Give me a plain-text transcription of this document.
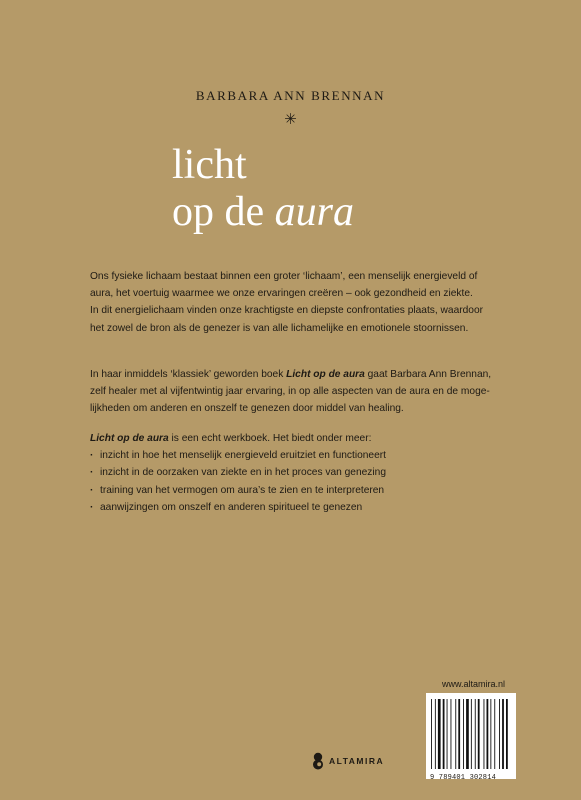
BARBARA ANN BRENNAN
✳
licht
op de aura
Ons fysieke lichaam bestaat binnen een groter ‘lichaam’, een menselijk energieveld of
aura, het voertuig waarmee we onze ervaringen creëren – ook gezondheid en ziekte.
In dit energielichaam vinden onze krachtigste en diepste confrontaties plaats, waardoor
het zowel de bron als de genezer is van alle lichamelijke en emotionele stoornissen.
In haar inmiddels ‘klassiek’ geworden boek Licht op de aura gaat Barbara Ann Brennan,
zelf healer met al vijfentwintig jaar ervaring, in op alle aspecten van de aura en de moge-
lijkheden om anderen en onszelf te genezen door middel van healing.
Licht op de aura is een echt werkboek. Het biedt onder meer:
· inzicht in hoe het menselijk energieveld eruitziet en functioneert
· inzicht in de oorzaken van ziekte en in het proces van genezing
· training van het vermogen om aura’s te zien en te interpreteren
· aanwijzingen om onszelf en anderen spiritueel te genezen
www.altamira.nl
9 789401 302814
ALTAMIRA
